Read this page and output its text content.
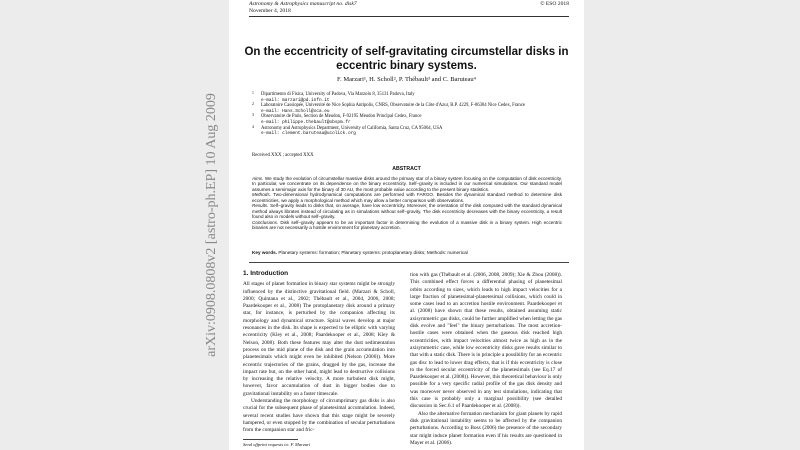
arXiv:0908.0808v2 [astro-ph.EP] 10 Aug 2009
Astronomy & Astrophysics manuscript no. disk7
November 4, 2018
© ESO 2018
On the eccentricity of self-gravitating circumstellar disks in eccentric binary systems.
F. Marzari¹, H. Scholl², P. Thébault³ and C. Baruteau⁴
1 Dipartimento di Fisica, University of Padova, Via Marzolo 8, 35131 Padova, Italy
e-mail: marzari@pd.infn.it
2 Laboratoire Cassiopée, Université de Nice Sophia Antipolis, CNRS, Observatoire de la Côte d'Azur, B.P. 4229, F-06304 Nice Cedex, France
e-mail: Hans.Scholl@oca.eu
3 Observatoire de Paris, Section de Meudon, F-92195 Meudon Principal Cedex, France
e-mail: philippe.thebault@obspm.fr
4 Astronomy and Astrophysics Department, University of California, Santa Cruz, CA 95064, USA
e-mail: clement.baruteau@ucolick.org
Received XXX ; accepted XXX
ABSTRACT

Aims. We study the evolution of circumstellar massive disks around the primary star of a binary system focusing on the computation of disk eccentricity. In particular, we concentrate on its dependence on the binary eccentricity. Self–gravity is included in our numerical simulations. Our standard model assumes a semimajor axis for the binary of 30 AU, the most probable value according to the present binary statistics.

Methods. Two-dimensional hydrodynamical computations are performed with FARGO. Besides the dynamical standard method to determine disk eccentricities, we apply a morphological method which may allow a better comparison with observations.

Results. Self–gravity leads to disks that, on average, have low eccentricity. Moreover, the orientation of the disk computed with the standard dynamical method always librates instead of circulating as in simulations without self–gravity. The disk eccentricity decreases with the binary eccentricity, a result found also in models without self–gravity.

Conclusions. Disk self–gravity appears to be an important factor in determining the evolution of a massive disk in a binary system. High eccentric binaries are not necessarily a hostile environment for planetary accretion.

Key words. Planetary systems: formation; Planetary systems: protoplanetary disks; Methods: numerical
1. Introduction

All stages of planet formation in binary star systems might be strongly influenced by the distinctive gravitational field. (Marzari & Scholl, 2000; Quintana et al., 2002; Thébault et al., 2004, 2006, 2008; Paardekooper et al., 2008) The protoplanetary disk around a primary star, for instance, is perturbed by the companion affecting its morphology and dynamical structure. Spiral waves develop at major resonances in the disk. Its shape is expected to be elliptic with varying eccentricity (Kley et al., 2008; Paardekooper et al., 2008; Kley & Nelson, 2008). Both these features may alter the dust sedimentation process on the mid plane of the disk and the grain accumulation into planetesimals which might even be inhibited (Nelson (2000)). More eccentric trajectories of the grains, dragged by the gas, increase the impact rate but, on the other hand, might lead to destructive collisions by increasing the relative velocity. A more turbulent disk might, however, favor accumulation of dust in bigger bodies due to gravitational instability on a faster timescale.

Understanding the morphology of circumprimary gas disks is also crucial for the subsequent phase of planetesimal accumulation. Indeed, several recent studies have shown that this stage might be severely hampered, or even stopped by the combination of secular perturbations from the companion star and fric-

tion with gas (Thébault et al. (2006, 2008, 2009); Xie & Zhou (2008)). This combined effect forces a differential phasing of planetesimal orbits according to sizes, which leads to high impact velocities for a large fraction of planetesimal-planetesimal collisions, which could in some cases lead to an accretion hostile environment. Paardekooper et al. (2008) have shown that these results, obtained assuming static axisymmetric gas disks, could be further amplified when letting the gas disk evolve and "feel" the binary perturbations. The most accretion-hostile cases were obtained when the gaseous disk reached high eccentricities, with impact velocities almost twice as high as in the axisymmetric case, while low eccentricity disks gave results similar to that with a static disk. There is in principle a possibility for an eccentric gas disc to lead to lower drag effects, that is if this eccentricity is close to the forced secular eccentricity of the planetesimals (see Eq.17 of Paardekooper et al. (2008)). However, this theoretical behaviour is only possible for a very specific radial profile of the gas disk density and was moreover never observed in any test simulations, indicating that this case is probably only a marginal possibility (see detailed discussion in Sec.6.1 of Paardekooper et al. (2008)).

Also the alternative formation mechanism for giant planets by rapid disk gravitational instability seems to be affected by the companion perturbations. According to Boss (2006) the presence of the secondary star might induce planet formation even if his results are questioned in Mayer et al. (2006).

Send offprint requests to: F. Marzari
